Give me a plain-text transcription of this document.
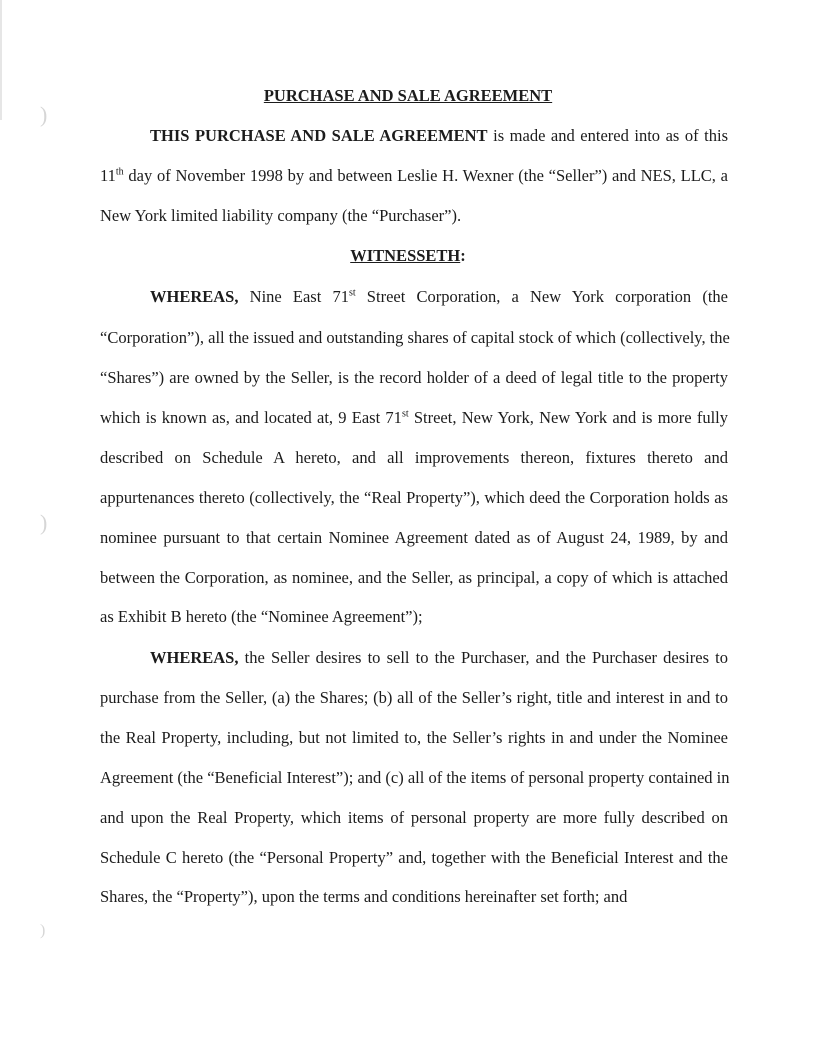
)
)
)
PURCHASE AND SALE AGREEMENT
THIS PURCHASE AND SALE AGREEMENT is made and entered into as of this
11th day of November 1998 by and between Leslie H. Wexner (the “Seller”) and NES, LLC, a
New York limited liability company (the “Purchaser”).
WITNESSETH:
WHEREAS, Nine East 71st Street Corporation, a New York corporation (the
“Corporation”), all the issued and outstanding shares of capital stock of which (collectively, the
“Shares”) are owned by the Seller, is the record holder of a deed of legal title to the property
which is known as, and located at, 9 East 71st Street, New York, New York and is more fully
described on Schedule A hereto, and all improvements thereon, fixtures thereto and
appurtenances thereto (collectively, the “Real Property”), which deed the Corporation holds as
nominee pursuant to that certain Nominee Agreement dated as of August 24, 1989, by and
between the Corporation, as nominee, and the Seller, as principal, a copy of which is attached
as Exhibit B hereto (the “Nominee Agreement”);
WHEREAS, the Seller desires to sell to the Purchaser, and the Purchaser desires to
purchase from the Seller, (a) the Shares; (b) all of the Seller’s right, title and interest in and to
the Real Property, including, but not limited to, the Seller’s rights in and under the Nominee
Agreement (the “Beneficial Interest”); and (c) all of the items of personal property contained in
and upon the Real Property, which items of personal property are more fully described on
Schedule C hereto (the “Personal Property” and, together with the Beneficial Interest and the
Shares, the “Property”), upon the terms and conditions hereinafter set forth; and
